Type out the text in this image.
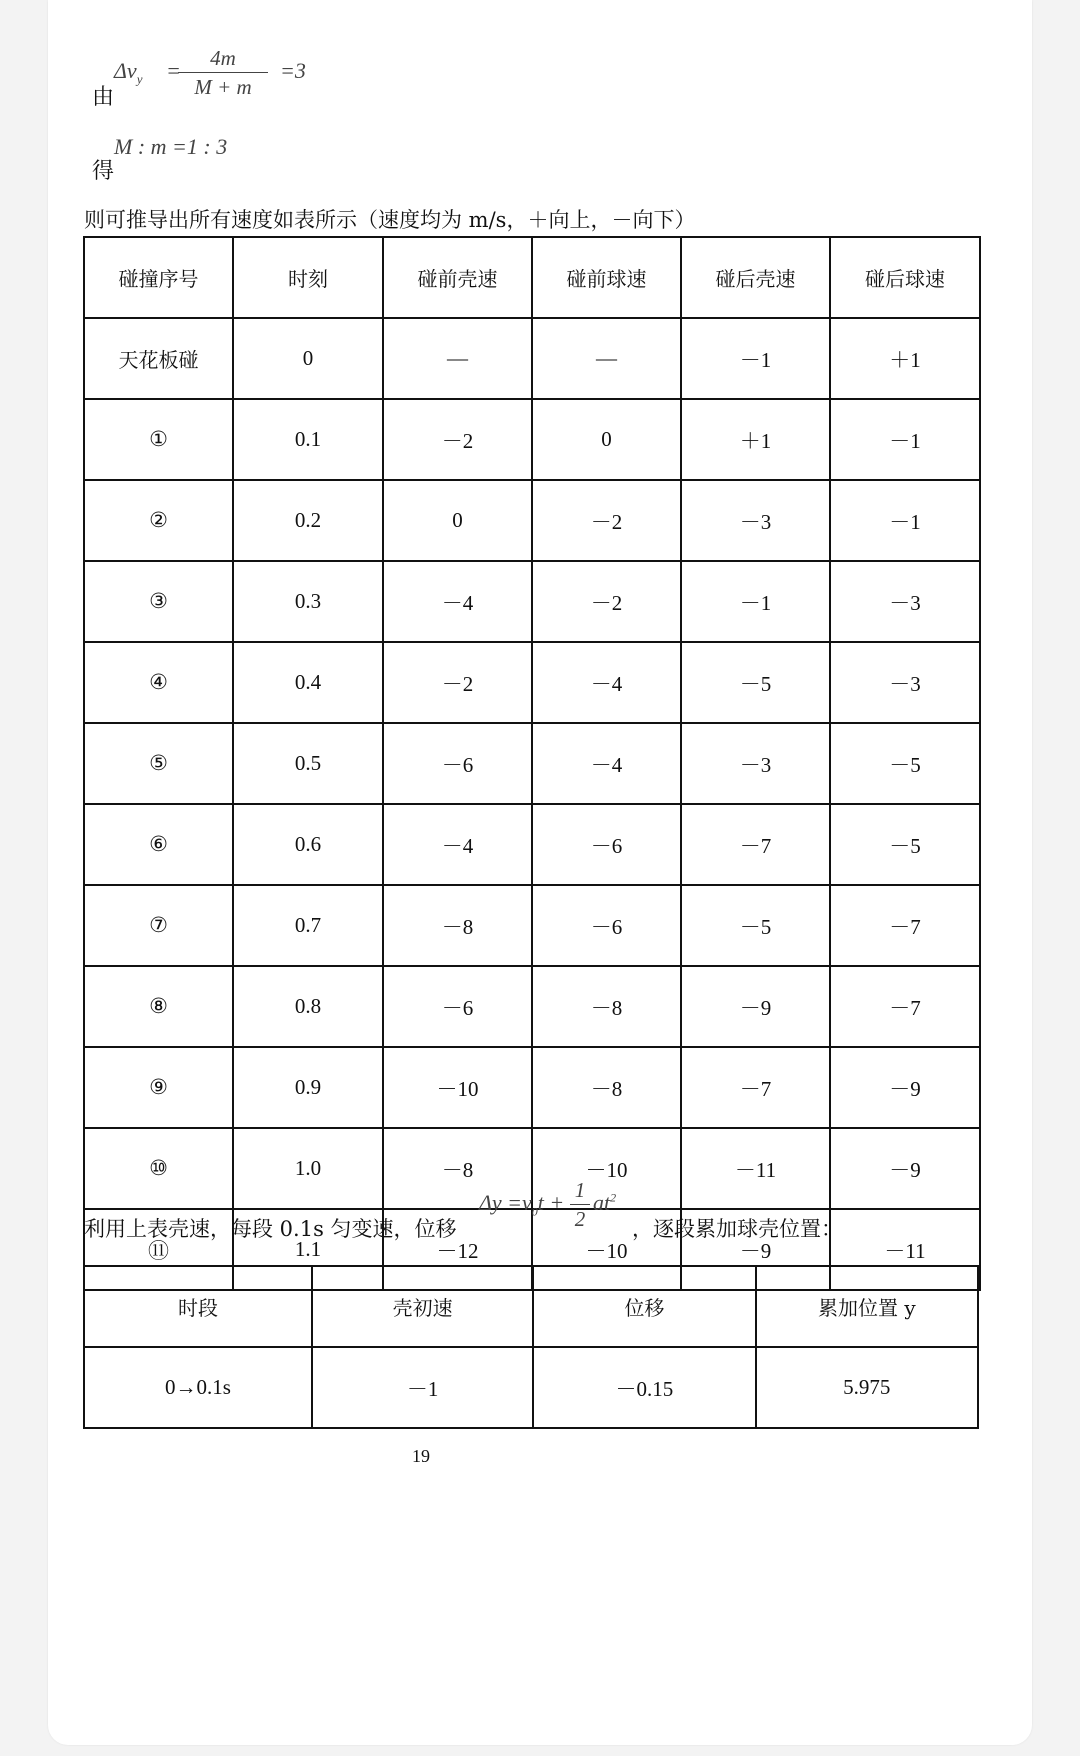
由
$\Delta v_y$ =	4m
M + m
=3
得
M : m =1 : 3
则可推导出所有速度如表所示（速度均为 m/s，＋向上，－向下）
碰撞序号	时刻	碰前壳速	碰前球速	碰后壳速	碰后球速
天花板碰	0	—	—	－1	＋1
①	0.1	－2	0	＋1	－1
②	0.2	0	－2	－3	－1
③	0.3	－4	－2	－1	－3
④	0.4	－2	－4	－5	－3
⑤	0.5	－6	－4	－3	－5
⑥	0.6	－4	－6	－7	－5
⑦	0.7	－8	－6	－5	－7
⑧	0.8	－6	－8	－9	－7
⑨	0.9	－10	－8	－7	－9
⑩	1.0	－8	－10	－11	－9
⑪	1.1	－12	－10	－9	－11
利用上表壳速，每段 0.1s 匀变速，位移
$\Delta y =v_0t + 1$
2
$at^2$
，逐段累加球壳位置：
时段	壳初速	位移	累加位置 y
0→0.1s	－1	－0.15	5.975
19
